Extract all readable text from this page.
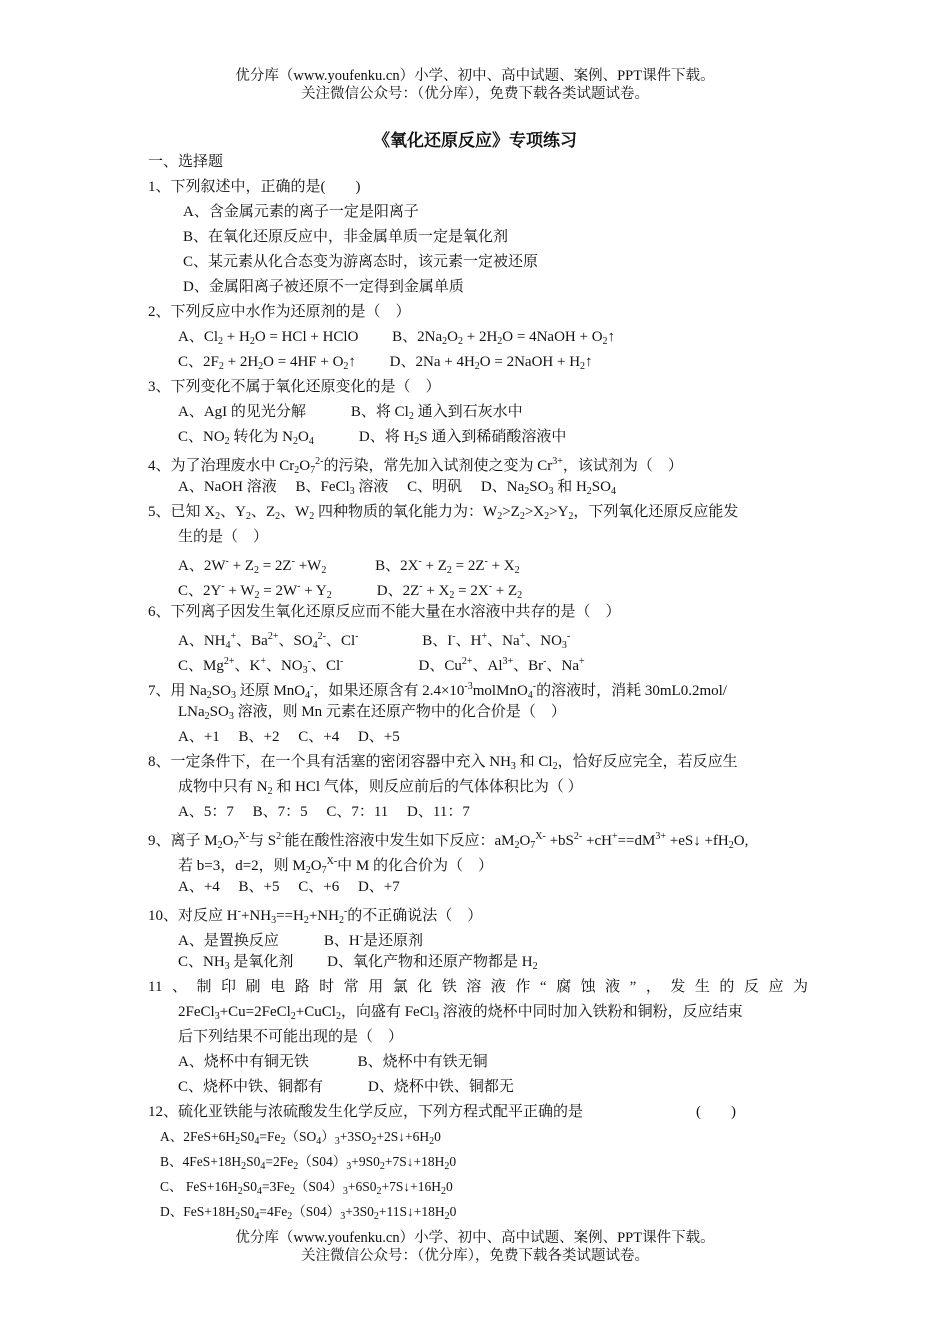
优分库（www.youfenku.cn）小学、初中、高中试题、案例、PPT课件下载。
关注微信公众号：（优分库），免费下载各类试题试卷。
《氧化还原反应》专项练习
一、选择题
1、下列叙述中，正确的是(　　)
A、含金属元素的离子一定是阳离子
B、在氧化还原反应中，非金属单质一定是氧化剂
C、某元素从化合态变为游离态时，该元素一定被还原
D、金属阳离子被还原不一定得到金属单质
2、下列反应中水作为还原剂的是（　）
A、$Cl_2 + H_2O$ = HCl + HClO　　 B、$2Na_2O_2 + 2H_2O$ = 4NaOH + $O_2↑$
C、$2F_2 + 2H_2O = 4HF$ + $O_2↑$　　 D、$2Na + 4H_2O$ = 2NaOH + $H_2↑$
3、下列变化不属于氧化还原变化的是（　）
A、AgI 的见光分解　　　B、将 $Cl_2$ 通入到石灰水中
C、$NO_2$ 转化为 $N_2O_4$　　　D、将 $H_2S$ 通入到稀硝酸溶液中
4、为了治理废水中 $Cr_2O_7^{2-}$的污染，常先加入试剂使之变为 $Cr^{3+}$，该试剂为（　）
A、NaOH 溶液　 B、FeCl$_3$ 溶液　 C、明矾　 D、$Na_2SO_3$ 和 $H_2SO_4$
5、已知 $X_2$、$Y_2$、$Z_2$、$W_2$ 四种物质的氧化能力为：$W_2>Z_2>X_2>Y_2$，下列氧化还原反应能发
生的是（　）
A、$2W^- + Z_2 = 2Z^- +W_2$　　　 B、$2X^- + Z_2 = 2Z^- + X_2$
C、$2Y^- + W_2 = 2W^- + Y_2$　　　D、$2Z^- + X_2 = 2X^- + Z_2$
6、下列离子因发生氧化还原反应而不能大量在水溶液中共存的是（　）
A、$NH_4^+$、$Ba^{2+}$、$SO_4^{2-}$、Cl-　　　　 B、I-、H+、Na+、$NO_3^-$
C、$Mg^{2+}$、K+、$NO_3^-$、Cl-　　　　　D、$Cu^{2+}$、$Al^{3+}$、Br-、Na+
7、用 $Na_2SO_3$ 还原 MnO$_4$-，如果还原含有 $2.4\times 10^{-3}molMnO_4^-$的溶液时，消耗 30mL0.2mol/
$LNa_2SO_3$ 溶液，则 Mn 元素在还原产物中的化合价是（　）
A、+1　 B、+2　 C、+4　 D、+5
8、一定条件下，在一个具有活塞的密闭容器中充入 $NH_3$ 和 $Cl_2$，恰好反应完全，若反应生
成物中只有 $N_2$ 和 HCl 气体，则反应前后的气体体积比为（ ）
A、5：7　 B、7：5　 C、7：11　 D、11：7
9、离子 $M_2O_7^{X-}$与 $S^{2-}$能在酸性溶液中发生如下反应：$aM_2O_7^{X-} +bS^{2-} +cH^+==dM^{3+}$ +eS↓ $+fH_2O$,
若 b=3，d=2，则 $M_2O_7^{X-}$中 M 的化合价为（　）
A、+4　 B、+5　 C、+6　 D、+7
10、对反应 $H^-+NH_3==H_2+NH_2^-$的不正确说法（　）
A、是置换反应　　　	B、H-是还原剂
C、$NH_3$ 是氧化剂　　 D、氧化产物和还原产物都是 $H_2$
11、制印刷电路时常用氯化铁溶液作“腐蚀液”，发生的反应为
2FeCl$_3$+Cu=2FeCl$_2$+CuCl$_2$，向盛有 FeCl$_3$ 溶液的烧杯中同时加入铁粉和铜粉，反应结束
后下列结果不可能出现的是（　）
A、烧杯中有铜无铁　　　	B、烧杯中有铁无铜
C、烧杯中铁、铜都有　　　	D、烧杯中铁、铜都无
12、硫化亚铁能与浓硫酸发生化学反应，下列方程式配平正确的是	(　　)
A、$2FeS+6H_2S0_4=Fe_2(SO_4)_3+3SO_2+2S↓+6H_20$
B、$4FeS+18H_2S0_4=2Fe_2(S04)_3+9S0_2+7S↓+18H_20$
C、 $FeS+16H_2S0_4=3Fe_2(S04)_3+6S0_2+7S↓+16H_20$
D、$FeS+18H_2S0_4=4Fe_2(S04)_3+3S0_2+11S↓+18H_20$
优分库（www.youfenku.cn）小学、初中、高中试题、案例、PPT课件下载。
关注微信公众号：（优分库），免费下载各类试题试卷。
